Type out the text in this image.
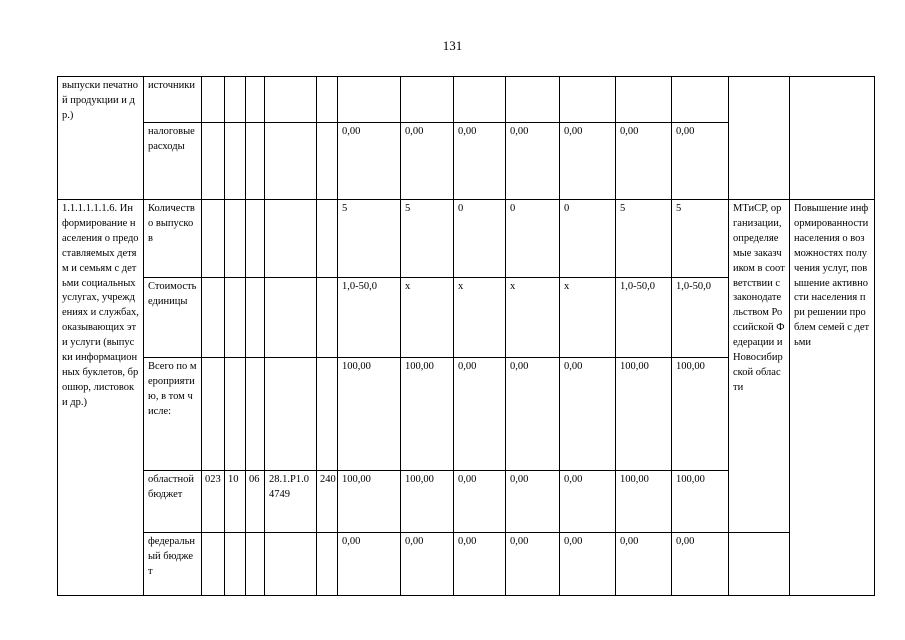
131
выпуски печатной продукции и др.)	источники														
	налоговые расходы						0,00	0,00	0,00	0,00	0,00	0,00	0,00		
1.1.1.1.1.1.6. Информирование населения о предоставляемых детям и семьям с детьми социальных услугах, учреждениях и службах, оказывающих эти услуги (выпуски информационных буклетов, брошюр, листовок и др.)	Количество выпусков						5	5	0	0	0	5	5	МТиСР, организации, определяемые заказчиком в соответствии с законодательством Российской Федерации и Новосибирской области	Повышение информированности населения о возможностях получения услуг, повышение активности населения при решении проблем семей с детьми
	Стоимость единицы						1,0-50,0	x	x	x	x	1,0-50,0	1,0-50,0		
	Всего по мероприятию, в том числе:						100,00	100,00	0,00	0,00	0,00	100,00	100,00		
	областной бюджет	023	10	06	28.1.P1.04749	240	100,00	100,00	0,00	0,00	0,00	100,00	100,00		
	федеральный бюджет						0,00	0,00	0,00	0,00	0,00	0,00	0,00		
